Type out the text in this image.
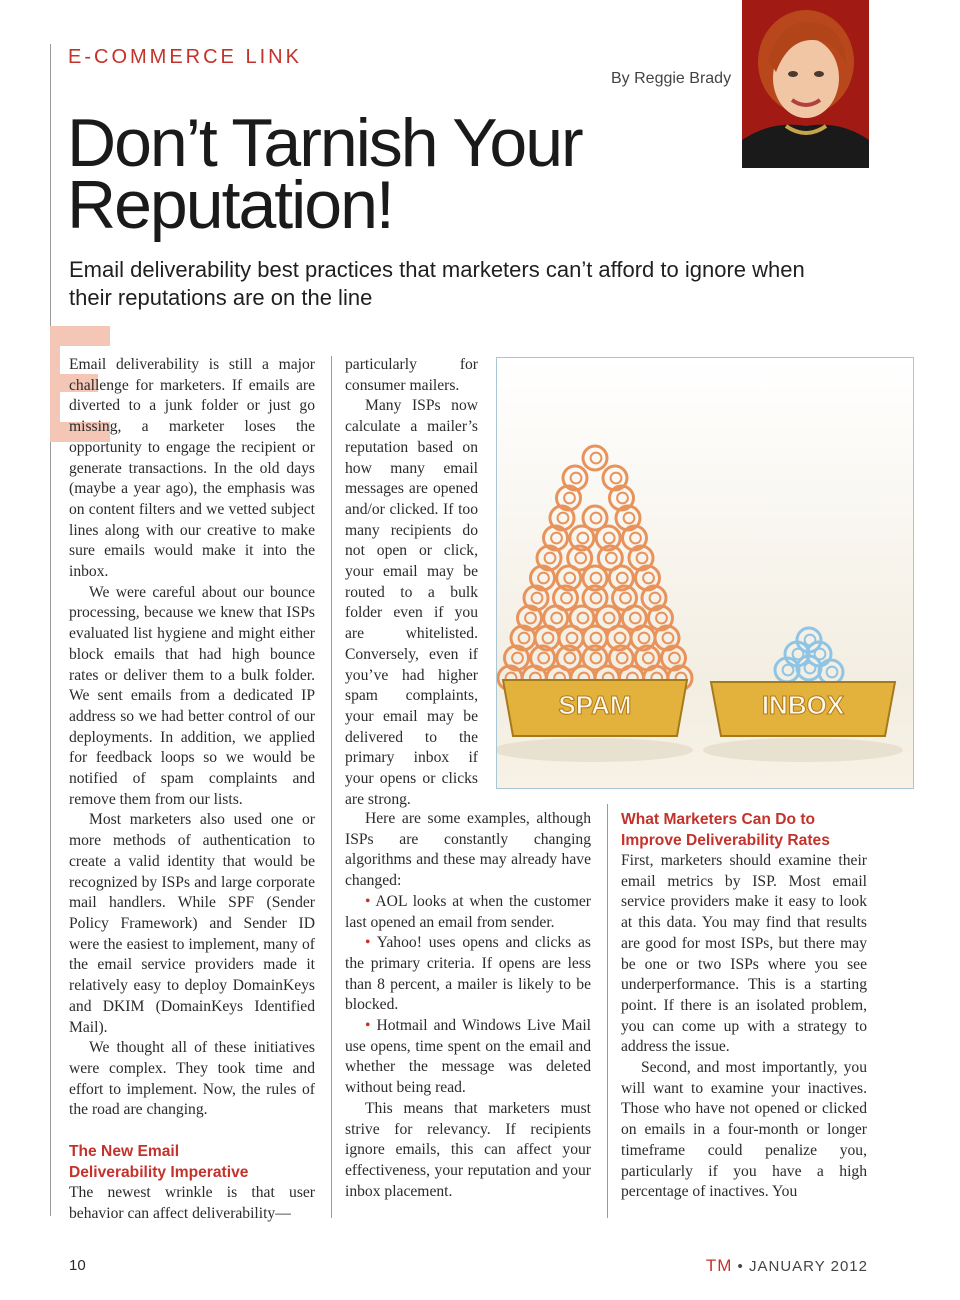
E-COMMERCE LINK
By Reggie Brady
Don’t Tarnish Your
Reputation!

Email deliverability best practices that marketers can’t afford to ignore when their reputations are on the line

Email deliverability is still a major challenge for marketers. If emails are diverted to a junk folder or just go missing, a marketer loses the opportunity to engage the recipient or generate transactions. In the old days (maybe a year ago), the emphasis was on content filters and we vetted subject lines along with our creative to make sure emails would make it into the inbox.

We were careful about our bounce processing, because we knew that ISPs evaluated list hygiene and might either block emails that had high bounce rates or deliver them to a bulk folder. We sent emails from a dedicated IP address so we had better control of our deployments. In addition, we applied for feedback loops so we would be notified of spam complaints and remove them from our lists.

Most marketers also used one or more methods of authentication to create a valid identity that would be recognized by ISPs and large corporate mail handlers. While SPF (Sender Policy Framework) and Sender ID were the easiest to implement, many of the email service providers made it relatively easy to deploy DomainKeys and DKIM (DomainKeys Identified Mail).

We thought all of these initiatives were complex. They took time and effort to implement. Now, the rules of the road are changing.

The New Email
Deliverability Imperative

The newest wrinkle is that user behavior can affect deliverability—

particularly for consumer mailers.

Many ISPs now calculate a mailer’s reputation based on how many email messages are opened and/or clicked. If too many recipients do not open or click, your email may be routed to a bulk folder even if you are whitelisted. Conversely, even if you’ve had higher spam complaints, your email may be delivered to the primary inbox if your opens or clicks are strong.

Here are some examples, although ISPs are constantly changing algorithms and these may already have changed:

• AOL looks at when the customer last opened an email from sender.

• Yahoo! uses opens and clicks as the primary criteria. If opens are less than 8 percent, a mailer is likely to be blocked.

• Hotmail and Windows Live Mail use opens, time spent on the email and whether the message was deleted without being read.

This means that marketers must strive for relevancy. If recipients ignore emails, this can affect your effectiveness, your reputation and your inbox placement.

What Marketers Can Do to
Improve Deliverability Rates

First, marketers should examine their email metrics by ISP. Most email service providers make it easy to look at this data. You may find that results are good for most ISPs, but there may be one or two ISPs where you see underperformance. This is a starting point. If there is an isolated problem, you can come up with a strategy to address the issue.

Second, and most importantly, you will want to examine your inactives. Those who have not opened or clicked on emails in a four-month or longer timeframe could penalize you, particularly if you have a high percentage of inactives. You

SPAM	INBOX
10	TM • JANUARY 2012
